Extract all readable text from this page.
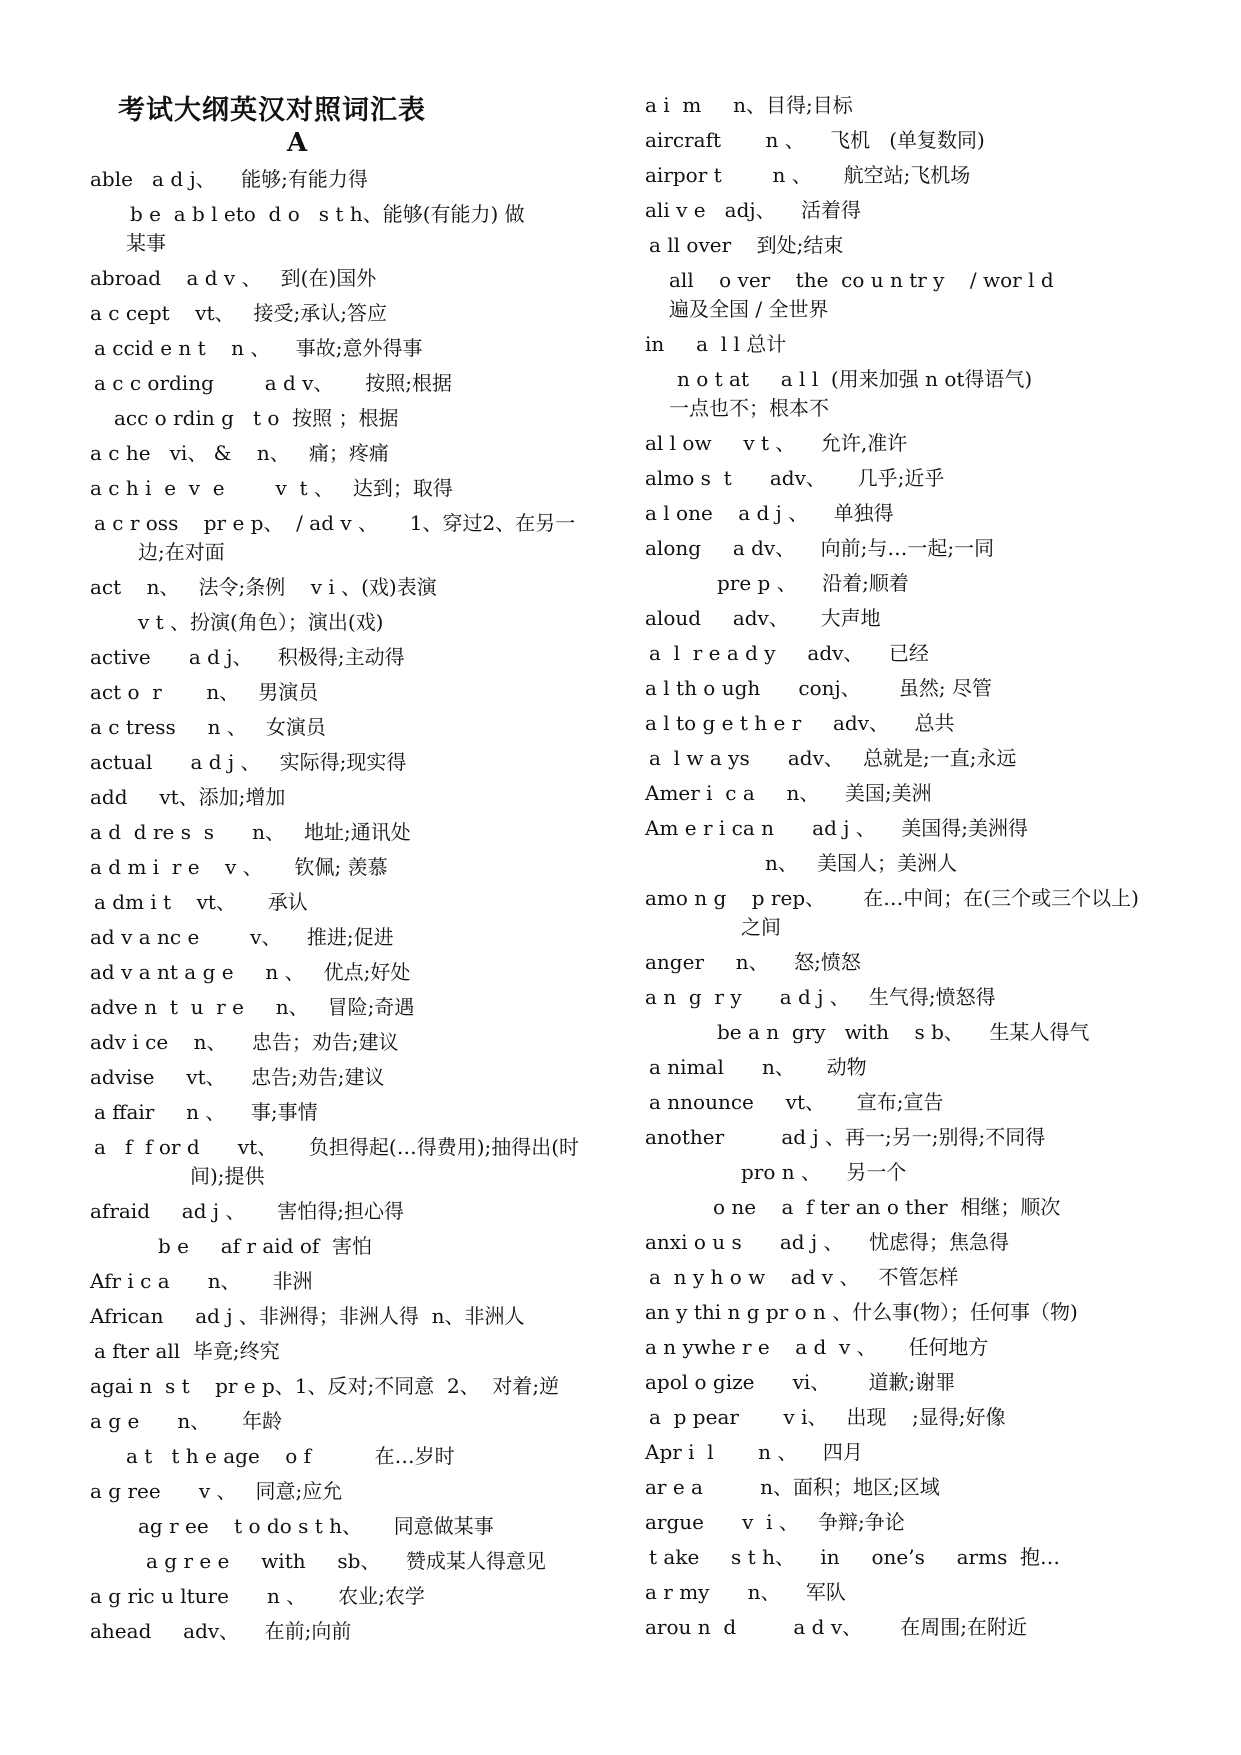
考试大纲英汉对照词汇表
A
able   a d j、    能够;有能力得
b e  a b l eto  d o   s t h、能够(有能力) 做
某事
abroad    a d v 、   到(在)国外
a c cept    vt、   接受;承认;答应
a ccid e n t    n 、    事故;意外得事
a c c ording        a d v、     按照;根据
acc o rdin g   t o  按照 ；根据
a c he   vi、 &    n、   痛；疼痛
a c h i  e  v  e        v  t 、   达到；取得
a c r oss    pr e p、  / ad v 、     1、穿过2、在另一
边;在对面
act    n、   法令;条例    v i 、(戏)表演
v t 、扮演(角色）；演出(戏)
active      a d j、    积极得;主动得
act o  r       n、   男演员
a c tress     n 、   女演员
actual      a d j 、   实际得;现实得
add     vt、添加;增加
a d  d re s  s      n、   地址;通讯处
a d m i  r e    v 、     钦佩; 羡慕
a dm i t    vt、     承认
ad v a nc e        v、    推进;促进
ad v a nt a g e     n 、   优点;好处
adve n  t  u  r e     n、   冒险;奇遇
adv i ce    n、    忠告；劝告;建议
advise     vt、    忠告;劝告;建议
a ffair     n 、    事;事情
a   f  f or d      vt、     负担得起(…得费用);抽得出(时
间);提供
afraid     ad j 、     害怕得;担心得
b e     af r aid of  害怕
Afr i c a      n、     非洲
African     ad j 、非洲得；非洲人得  n、非洲人
a fter all  毕竟;终究
agai n  s t    pr e p、1、反对;不同意  2、  对着;逆
a g e      n、     年龄
a t   t h e age    o f          在…岁时
a g ree      v 、   同意;应允
ag r ee    t o do s t h、     同意做某事
a g r e e     with     sb、    赞成某人得意见
a g ric u lture      n 、     农业;农学
ahead     adv、    在前;向前
a i  m     n、目得;目标
aircraft       n 、    飞机   (单复数同)
airpor t        n 、     航空站;飞机场
ali v e   adj、    活着得
a ll over    到处;结束
all    o ver    the  co u n tr y    / wor l d
遍及全国 / 全世界
in     a  l l 总计
n o t at     a l l  (用来加强 n ot得语气)
一点也不；根本不
al l ow     v t 、    允许,准许
almo s  t      adv、     几乎;近乎
a l one    a d j 、    单独得
along     a dv、    向前;与…一起;一同
pre p 、    沿着;顺着
aloud     adv、     大声地
a  l  r e a d y     adv、    已经
a l th o ugh      conj、      虽然; 尽管
a l to g e t h e r     adv、    总共
a  l w a ys      adv、   总就是;一直;永远
Amer i  c a     n、    美国;美洲
Am e r i ca n      ad j 、    美国得;美洲得
n、   美国人；美洲人
amo n g    p rep、      在…中间；在(三个或三个以上)
之间
anger     n、    怒;愤怒
a n  g  r y      a d j 、   生气得;愤怒得
be a n  gry   with    s b、    生某人得气
a nimal      n、     动物
a nnounce     vt、     宣布;宣告
another         ad j 、再一;另一;别得;不同得
pro n 、    另一个
o ne    a  f ter an o ther  相继；顺次
anxi o u s      ad j 、    忧虑得；焦急得
a  n y h o w    ad v 、   不管怎样
an y thi n g pr o n 、什么事(物）；任何事（物)
a n ywhe r e    a d  v 、     任何地方
apol o gize      vi、      道歉;谢罪
a  p pear       v i、   出现    ;显得;好像
Apr i  l       n 、    四月
ar e a         n、面积；地区;区域
argue      v  i 、   争辩;争论
t ake     s t h、    in     one’s     arms  抱…
a r my      n、    军队
arou n  d         a d v、      在周围;在附近
